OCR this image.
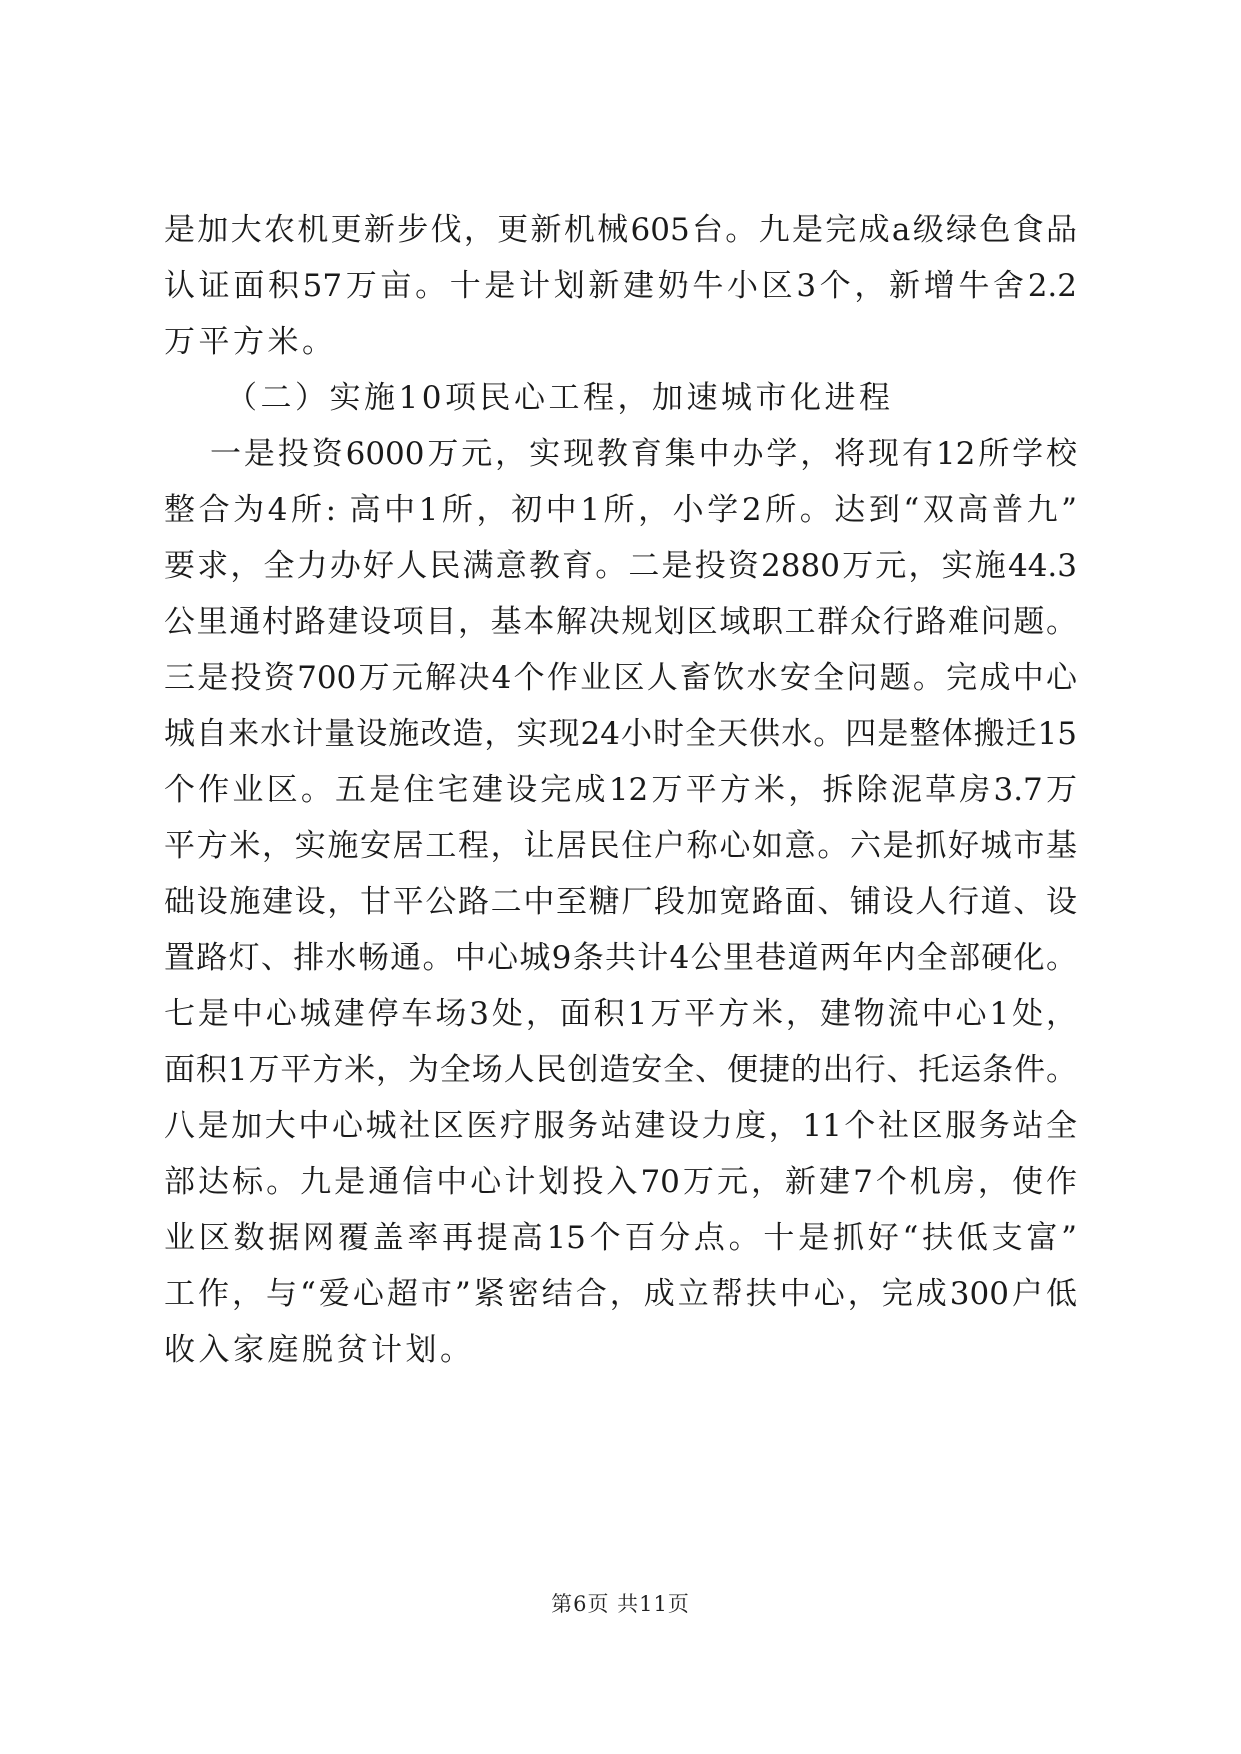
是加大农机更新步伐，更新机械605台。九是完成a级绿色食品
认证面积57万亩。十是计划新建奶牛小区3个，新增牛舍2.2
万平方米。
（二）实施10项民心工程，加速城市化进程
一是投资6000万元，实现教育集中办学，将现有12所学校
整合为4所: 高中1所，初中1所，小学2所。达到“双高普九”
要求，全力办好人民满意教育。二是投资2880万元，实施44.3
公里通村路建设项目，基本解决规划区域职工群众行路难问题。
三是投资700万元解决4个作业区人畜饮水安全问题。完成中心
城自来水计量设施改造，实现24小时全天供水。四是整体搬迁15
个作业区。五是住宅建设完成12万平方米，拆除泥草房3.7万
平方米，实施安居工程，让居民住户称心如意。六是抓好城市基
础设施建设，甘平公路二中至糖厂段加宽路面、铺设人行道、设
置路灯、排水畅通。中心城9条共计4公里巷道两年内全部硬化。
七是中心城建停车场3处，面积1万平方米，建物流中心1处，
面积1万平方米，为全场人民创造安全、便捷的出行、托运条件。
八是加大中心城社区医疗服务站建设力度，11个社区服务站全
部达标。九是通信中心计划投入70万元，新建7个机房，使作
业区数据网覆盖率再提高15个百分点。十是抓好“扶低支富”
工作，与“爱心超市”紧密结合，成立帮扶中心，完成300户低
收入家庭脱贫计划。
第6页 共11页
